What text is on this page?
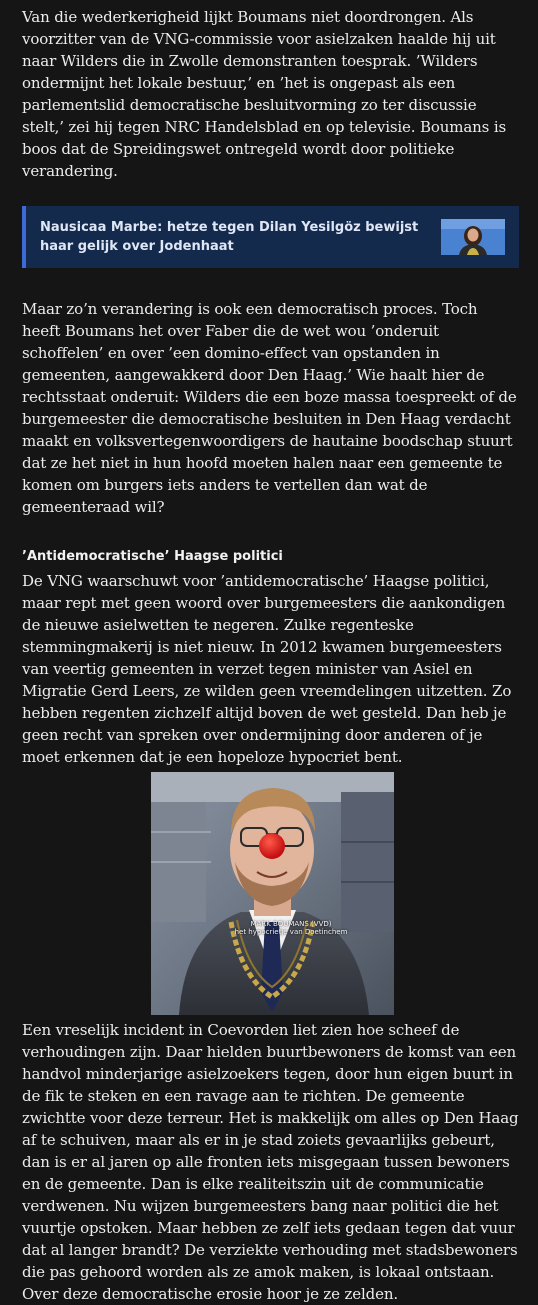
Van die wederkerigheid lijkt Boumans niet doordrongen. Als voorzitter van de VNG-commissie voor asielzaken haalde hij uit naar Wilders die in Zwolle demonstranten toesprak. ’Wilders ondermijnt het lokale bestuur,’ en ’het is ongepast als een parlementslid democratische besluitvorming zo ter discussie stelt,’ zei hij tegen NRC Handelsblad en op televisie. Boumans is boos dat de Spreidingswet ontregeld wordt door politieke verandering.

Nausicaa Marbe: hetze tegen Dilan Yesilgöz bewijst haar gelijk over Jodenhaat

Maar zo’n verandering is ook een democratisch proces. Toch heeft Boumans het over Faber die de wet wou ’onderuit schoffelen’ en over ’een domino-effect van opstanden in gemeenten, aangewakkerd door Den Haag.’ Wie haalt hier de rechtsstaat onderuit: Wilders die een boze massa toespreekt of de burgemeester die democratische besluiten in Den Haag verdacht maakt en volksvertegenwoordigers de hautaine boodschap stuurt dat ze het niet in hun hoofd moeten halen naar een gemeente te komen om burgers iets anders te vertellen dan wat de gemeenteraad wil?

’Antidemocratische’ Haagse politici

De VNG waarschuwt voor ’antidemocratische’ Haagse politici, maar rept met geen woord over burgemeesters die aankondigen de nieuwe asielwetten te negeren. Zulke regenteske stemmingmakerij is niet nieuw. In 2012 kwamen burgemeesters van veertig gemeenten in verzet tegen minister van Asiel en Migratie Gerd Leers, ze wilden geen vreemdelingen uitzetten. Zo hebben regenten zichzelf altijd boven de wet gesteld. Dan heb je geen recht van spreken over ondermijning door anderen of je moet erkennen dat je een hopeloze hypocriet bent.

MARK BOUMANS (VVD)
het hypocrietje van Doetinchem

Een vreselijk incident in Coevorden liet zien hoe scheef de verhoudingen zijn. Daar hielden buurtbewoners de komst van een handvol minderjarige asielzoekers tegen, door hun eigen buurt in de fik te steken en een ravage aan te richten. De gemeente zwichtte voor deze terreur. Het is makkelijk om alles op Den Haag af te schuiven, maar als er in je stad zoiets gevaarlijks gebeurt, dan is er al jaren op alle fronten iets misgegaan tussen bewoners en de gemeente. Dan is elke realiteitszin uit de communicatie verdwenen. Nu wijzen burgemeesters bang naar politici die het vuurtje opstoken. Maar hebben ze zelf iets gedaan tegen dat vuur dat al langer brandt? De verziekte verhouding met stadsbewoners die pas gehoord worden als ze amok maken, is lokaal ontstaan. Over deze democratische erosie hoor je ze zelden.
